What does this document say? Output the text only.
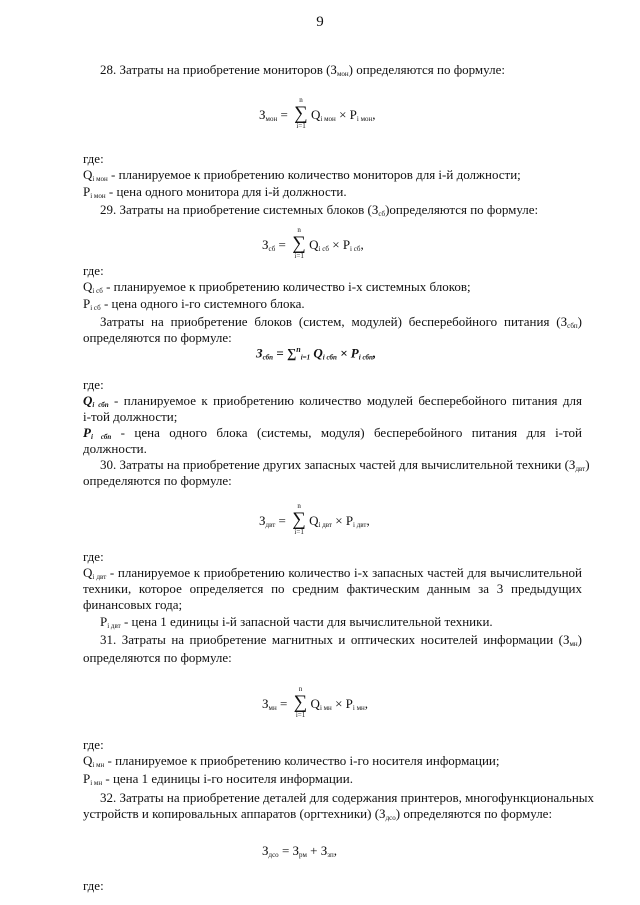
9
28. Затраты на приобретение мониторов $(З_{мон})$ определяются по формуле:
$З_{мон}$ =
n
∑
i=1
$Q_{i мон} \times P_{i мон}$,
где:
$Q_{i мон}$ - планируемое к приобретению количество мониторов для i-й должности;
$P_{i мон}$ - цена одного монитора для i-й должности.
29. Затраты на приобретение системных блоков $(З_{сб})определяются$ по формуле:
$З_{сб}$ =
n
∑
i=1
$Q_{i сб} \times P_{i сб}$,
где:
$Q_{i сб}$ - планируемое к приобретению количество i-х системных блоков;
$P_{i сб}$ - цена одного i-го системного блока.
Затраты на приобретение блоков (систем, модулей) бесперебойного питания $(З_{сбп})$
определяются по формуле:
$З_{сбп} = \sum^n_{i=1}$ $Q_{i сбп} \times P_{i сбп}$,
где:
$Q_{i сбп}$ - планируемое к приобретению количество модулей бесперебойного питания для
i-той должности;
$P_{i сбп}$ - цена одного блока (системы, модуля) бесперебойного питания для i-той
должности.
30. Затраты на приобретение других запасных частей для вычислительной техники $(З_{двт})$
определяются по формуле:
$З_{двт}$ =
n
∑
i=1
$Q_{i двт} \times P_{i двт}$,
где:
$Q_{i двт}$ - планируемое к приобретению количество i-х запасных частей для вычислительной
техники, которое определяется по средним фактическим данным за 3 предыдущих
финансовых года;
$P_{i двт}$ - цена 1 единицы i-й запасной части для вычислительной техники.
31. Затраты на приобретение магнитных и оптических носителей информации $(З_{мн})$
определяются по формуле:
$З_{мн}$ =
n
∑
i=1
$Q_{i мн} \times P_{i мн}$,
где:
$Q_{i мн}$ - планируемое к приобретению количество i-го носителя информации;
$P_{i мн}$ - цена 1 единицы i-го носителя информации.
32. Затраты на приобретение деталей для содержания принтеров, многофункциональных
устройств и копировальных аппаратов (оргтехники) $(З_{дсо})$ определяются по формуле:
$З_{дсо} = З_{рм} + З_{зп}$,
где:
